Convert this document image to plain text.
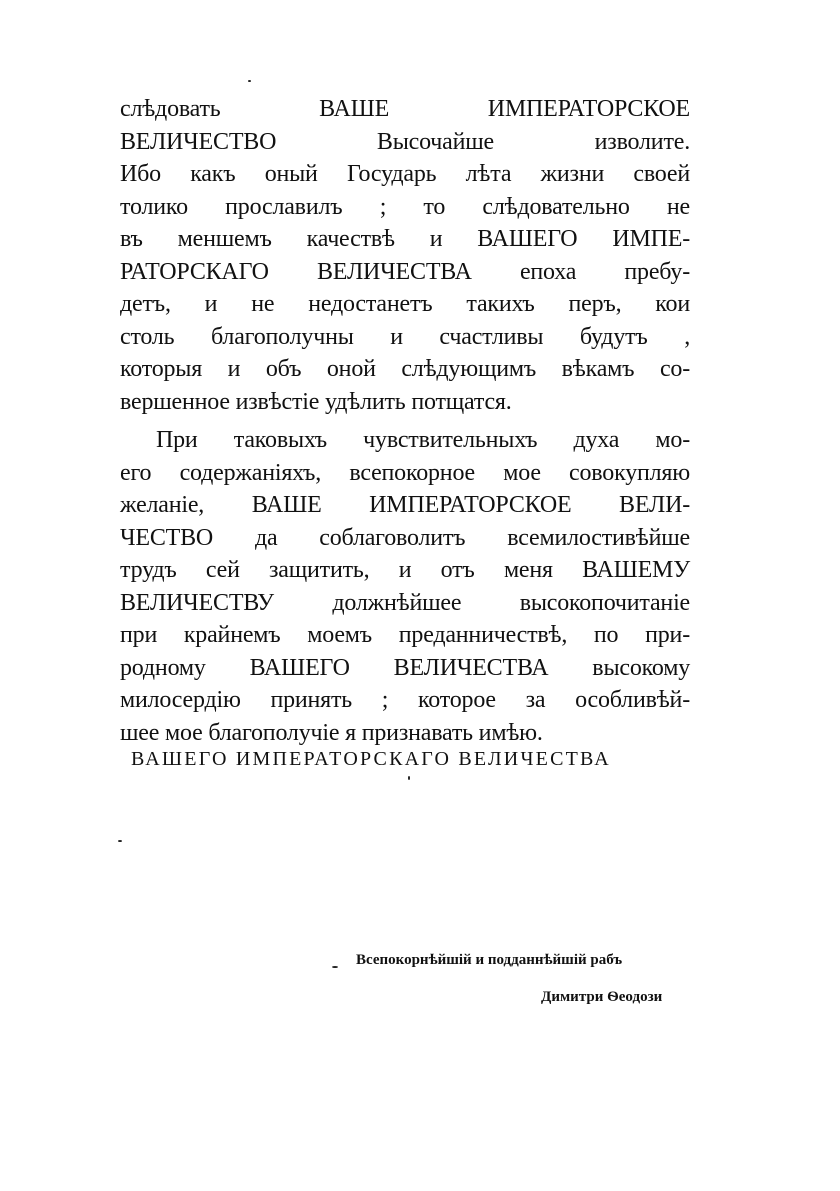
слѣдовать ВАШЕ ИМПЕРАТОРСКОЕ
ВЕЛИЧЕСТВО Высочайше изволите.
Ибо какъ оный Государь лѣта жизни своей
толико прославилъ ; то слѣдовательно не
въ меншемъ качествѣ и ВАШЕГО ИМПЕ-
РАТОРСКАГО ВЕЛИЧЕСТВА епоха пребу-
детъ, и не недостанетъ такихъ перъ, кои
столь благополучны и счастливы будутъ ,
которыя и объ оной слѣдующимъ вѣкамъ со-
вершенное извѣстіе удѣлить потщатся.
При таковыхъ чувствительныхъ духа мо-
его содержаніяхъ, всепокорное мое совокупляю
желаніе, ВАШЕ ИМПЕРАТОРСКОЕ ВЕЛИ-
ЧЕСТВО да соблаговолитъ всемилостивѣйше
трудъ сей защитить, и отъ меня ВАШЕМУ
ВЕЛИЧЕСТВУ должнѣйшее высокопочитаніе
при крайнемъ моемъ преданничествѣ, по при-
родному ВАШЕГО ВЕЛИЧЕСТВА высокому
милосердію принять ; которое за особливѣй-
шее мое благополучіе я признавать имѣю.
ВАШЕГО ИМПЕРАТОРСКАГО ВЕЛИЧЕСТВА
Всепокорнѣйшій и подданнѣйшій рабъ
Димитри Ѳеодози
